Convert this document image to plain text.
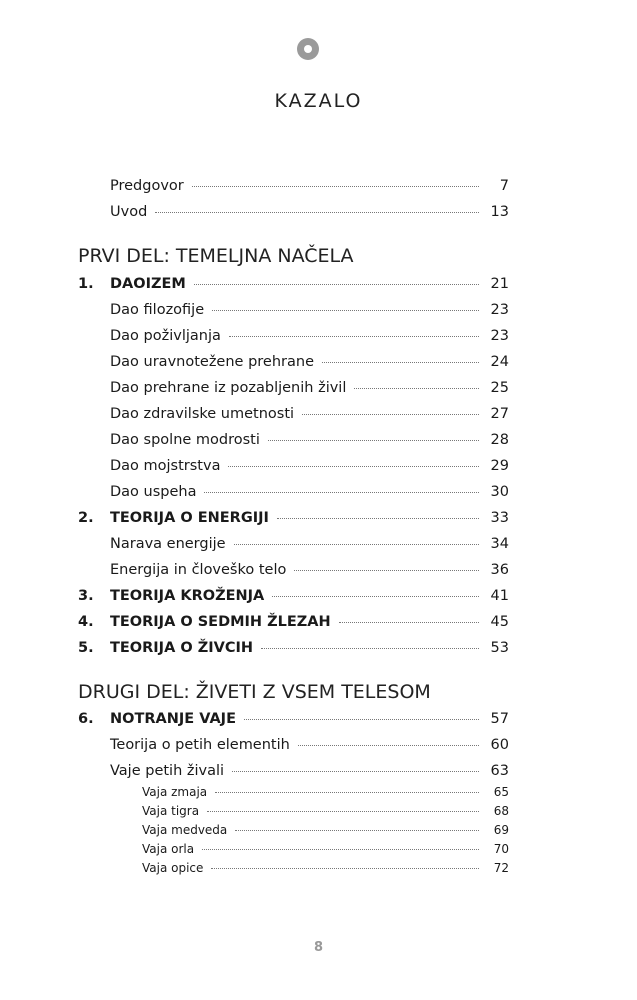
KAZALO
Predgovor	7
Uvod	13
PRVI DEL: TEMELJNA NAČELA
1.	DAOIZEM	21
Dao filozofije	23
Dao poživljanja	23
Dao uravnotežene prehrane	24
Dao prehrane iz pozabljenih živil	25
Dao zdravilske umetnosti	27
Dao spolne modrosti	28
Dao mojstrstva	29
Dao uspeha	30
2.	TEORIJA O ENERGIJI	33
Narava energije	34
Energija in človeško telo	36
3.	TEORIJA KROŽENJA	41
4.	TEORIJA O SEDMIH ŽLEZAH	45
5.	TEORIJA O ŽIVCIH	53
DRUGI DEL: ŽIVETI Z VSEM TELESOM
6.	NOTRANJE VAJE	57
Teorija o petih elementih	60
Vaje petih živali	63
Vaja zmaja	65
Vaja tigra	68
Vaja medveda	69
Vaja orla	70
Vaja opice	72
8
